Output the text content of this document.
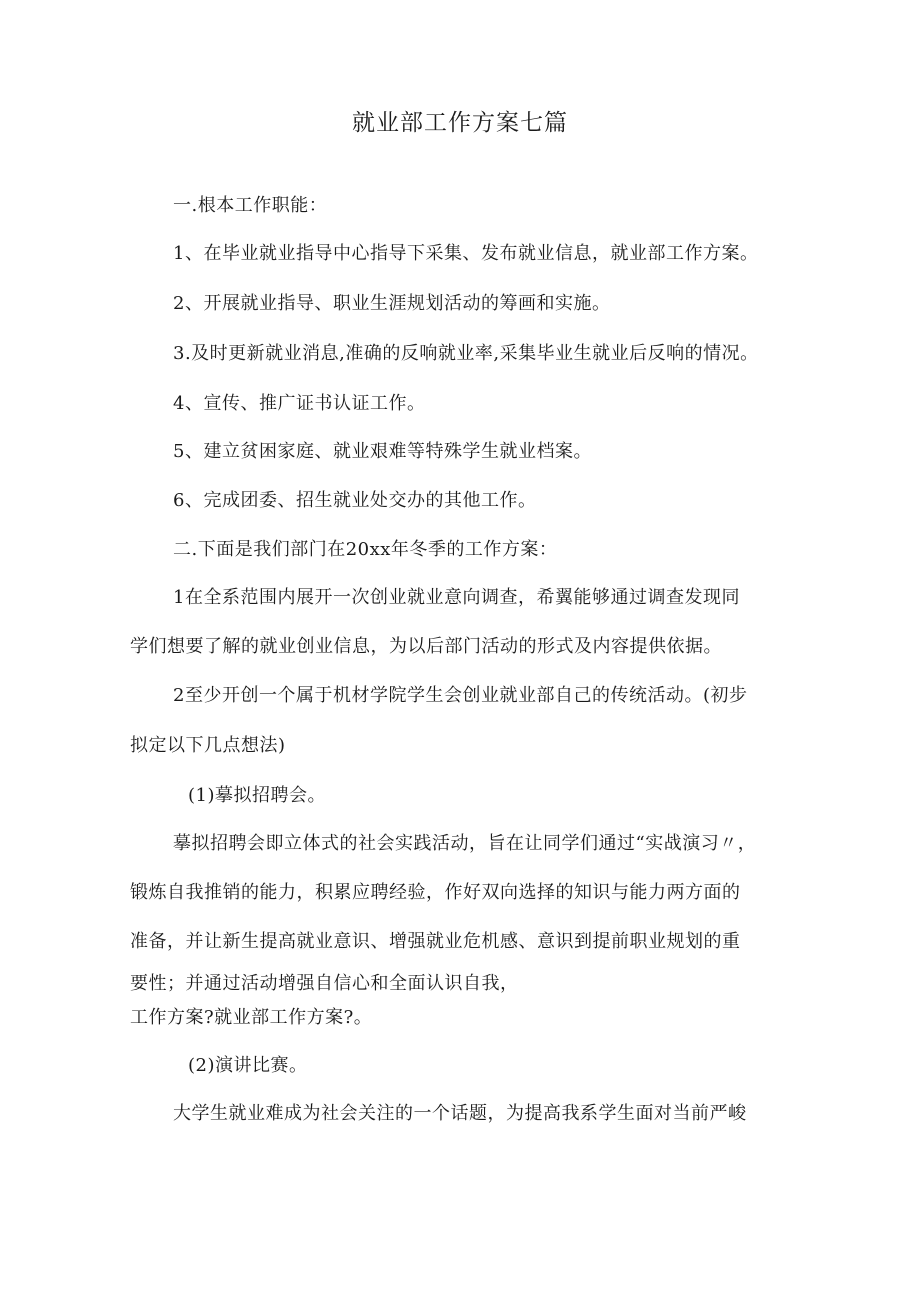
就业部工作方案七篇
一.根本工作职能：
1、在毕业就业指导中心指导下采集、发布就业信息，就业部工作方案。
2、开展就业指导、职业生涯规划活动的筹画和实施。
3.及时更新就业消息,准确的反响就业率,采集毕业生就业后反响的情况。
4、宣传、推广证书认证工作。
5、建立贫困家庭、就业艰难等特殊学生就业档案。
6、完成团委、招生就业处交办的其他工作。
二.下面是我们部门在20xx年冬季的工作方案：
1在全系范围内展开一次创业就业意向调查，希翼能够通过调查发现同
学们想要了解的就业创业信息，为以后部门活动的形式及内容提供依据。
2至少开创一个属于机材学院学生会创业就业部自己的传统活动。(初步
拟定以下几点想法)
(1)摹拟招聘会。
摹拟招聘会即立体式的社会实践活动，旨在让同学们通过“实战演习〃，
锻炼自我推销的能力，积累应聘经验，作好双向选择的知识与能力两方面的
准备，并让新生提高就业意识、增强就业危机感、意识到提前职业规划的重
要性；并通过活动增强自信心和全面认识自我，
工作方案?就业部工作方案?。
(2)演讲比赛。
大学生就业难成为社会关注的一个话题，为提高我系学生面对当前严峻
